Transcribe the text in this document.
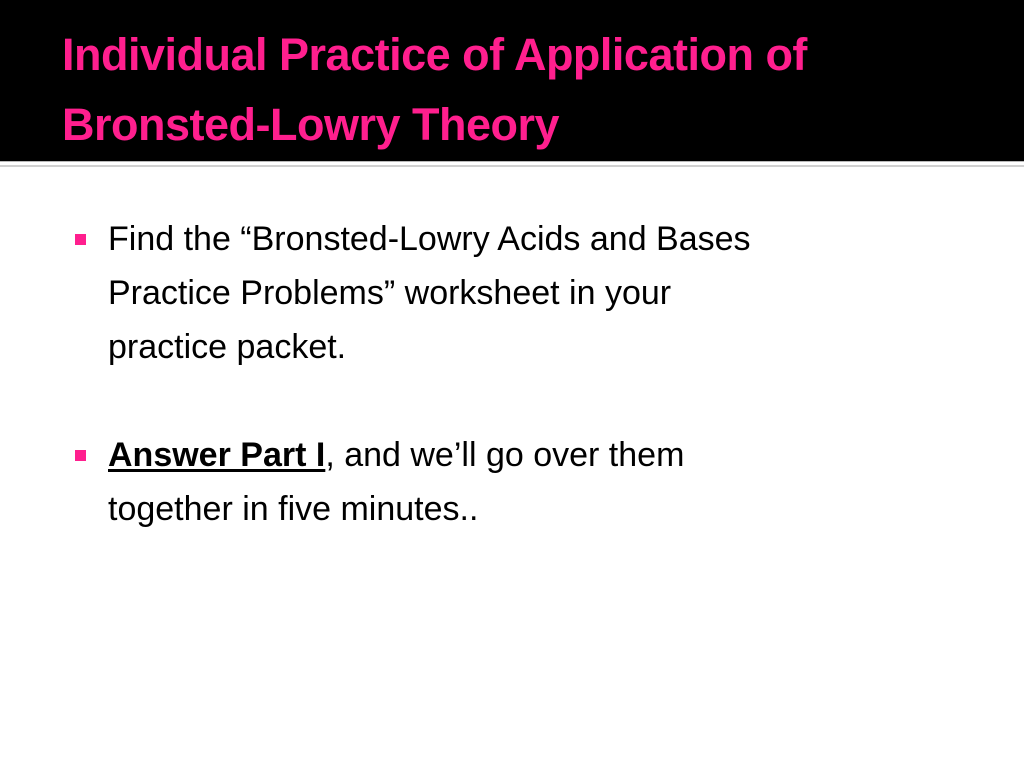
Individual Practice of Application of
Bronsted-Lowry Theory
Find the “Bronsted-Lowry Acids and Bases
Practice Problems” worksheet in your
practice packet.
Answer Part I, and we’ll go over them
together in five minutes..
